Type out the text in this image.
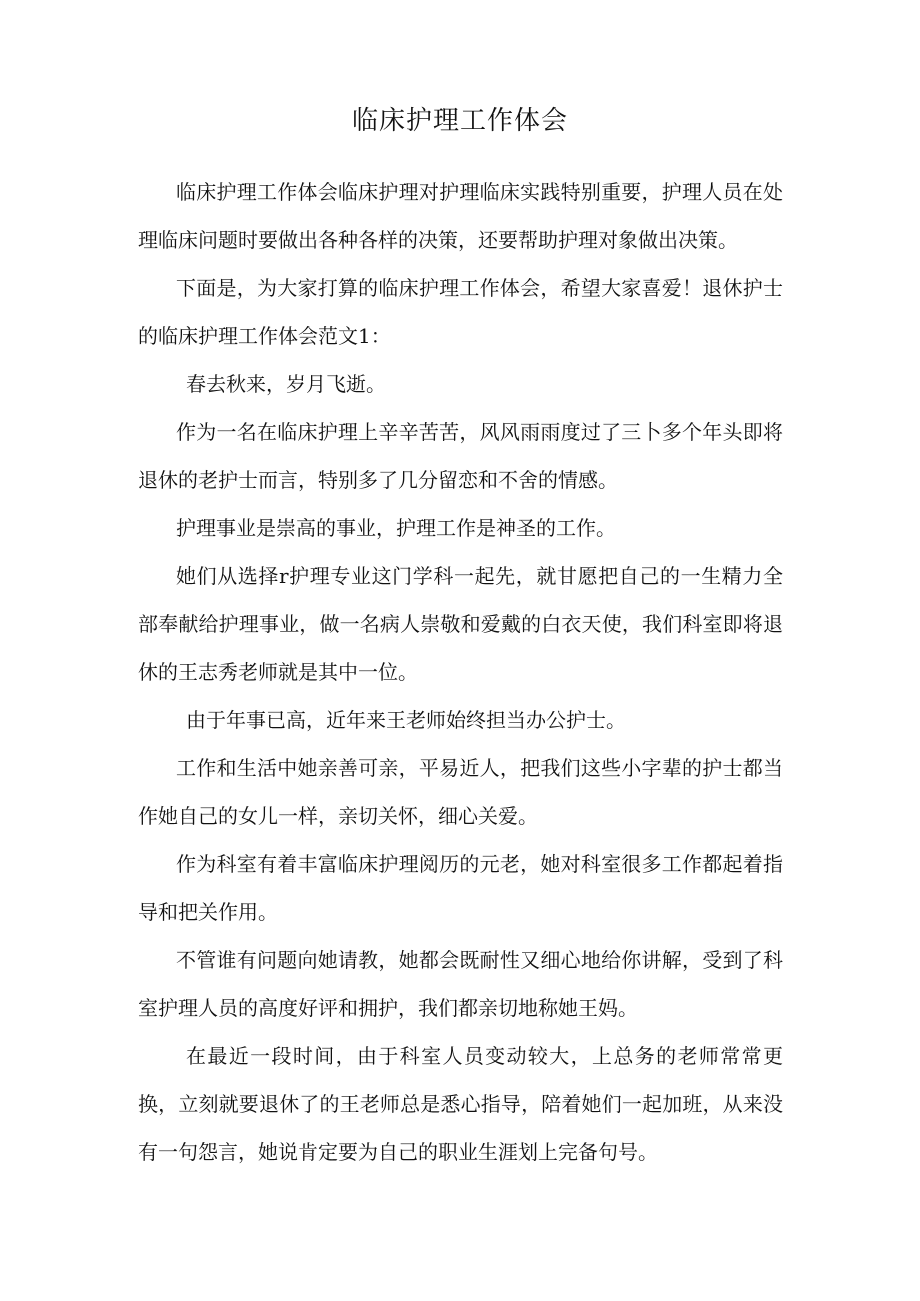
临床护理工作体会

临床护理工作体会临床护理对护理临床实践特别重要，护理人员在处理临床问题时要做出各种各样的决策，还要帮助护理对象做出决策。

下面是，为大家打算的临床护理工作体会，希望大家喜爱！退休护士的临床护理工作体会范文1：

春去秋来，岁月飞逝。

作为一名在临床护理上辛辛苦苦，风风雨雨度过了三卜多个年头即将退休的老护士而言，特别多了几分留恋和不舍的情感。

护理事业是崇高的事业，护理工作是神圣的工作。

她们从选择r护理专业这门学科一起先，就甘愿把自己的一生精力全部奉献给护理事业，做一名病人崇敬和爱戴的白衣天使，我们科室即将退休的王志秀老师就是其中一位。

由于年事已高，近年来王老师始终担当办公护士。

工作和生活中她亲善可亲，平易近人，把我们这些小字辈的护士都当作她自己的女儿一样，亲切关怀，细心关爱。

作为科室有着丰富临床护理阅历的元老，她对科室很多工作都起着指导和把关作用。

不管谁有问题向她请教，她都会既耐性又细心地给你讲解，受到了科室护理人员的高度好评和拥护，我们都亲切地称她王妈。

在最近一段时间，由于科室人员变动较大，上总务的老师常常更换，立刻就要退休了的王老师总是悉心指导，陪着她们一起加班，从来没有一句怨言，她说肯定要为自己的职业生涯划上完备句号。
